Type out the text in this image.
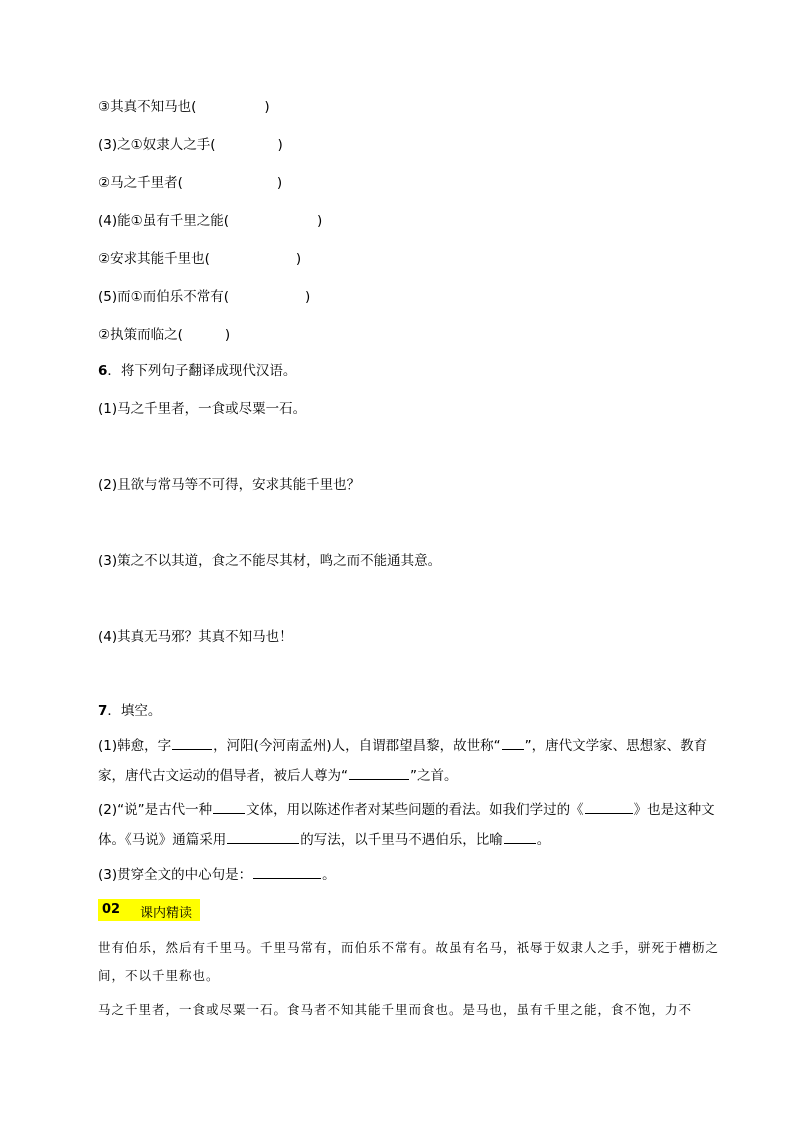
③其真不知马也(	)
(3)之①奴隶人之手(	)
②马之千里者(	)
(4)能①虽有千里之能(	)
②安求其能千里也(	)
(5)而①而伯乐不常有(	)
②执策而临之(	)
6．将下列句子翻译成现代汉语。
(1)马之千里者，一食或尽粟一石。
(2)且欲与常马等不可得，安求其能千里也？
(3)策之不以其道，食之不能尽其材，鸣之而不能通其意。
(4)其真无马邪？其真不知马也！
7．填空。
(1)韩愈，字	，河阳(今河南孟州)人，自谓郡望昌黎，故世称“ ”，唐代文学家、思想家、教育家，唐代古文运动的倡导者，被后人尊为“	”之首。
(2)“说”是古代一种	文体，用以陈述作者对某些问题的看法。如我们学过的《	》也是这种文体。《马说》通篇采用	的写法，以千里马不遇伯乐，比喻	。
(3)贯穿全文的中心句是：	。
02 课内精读
世有伯乐，然后有千里马。千里马常有，而伯乐不常有。故虽有名马，祇辱于奴隶人之手，骈死于槽枥之间，不以千里称也。
马之千里者，一食或尽粟一石。食马者不知其能千里而食也。是马也，虽有千里之能，食不饱，力不
